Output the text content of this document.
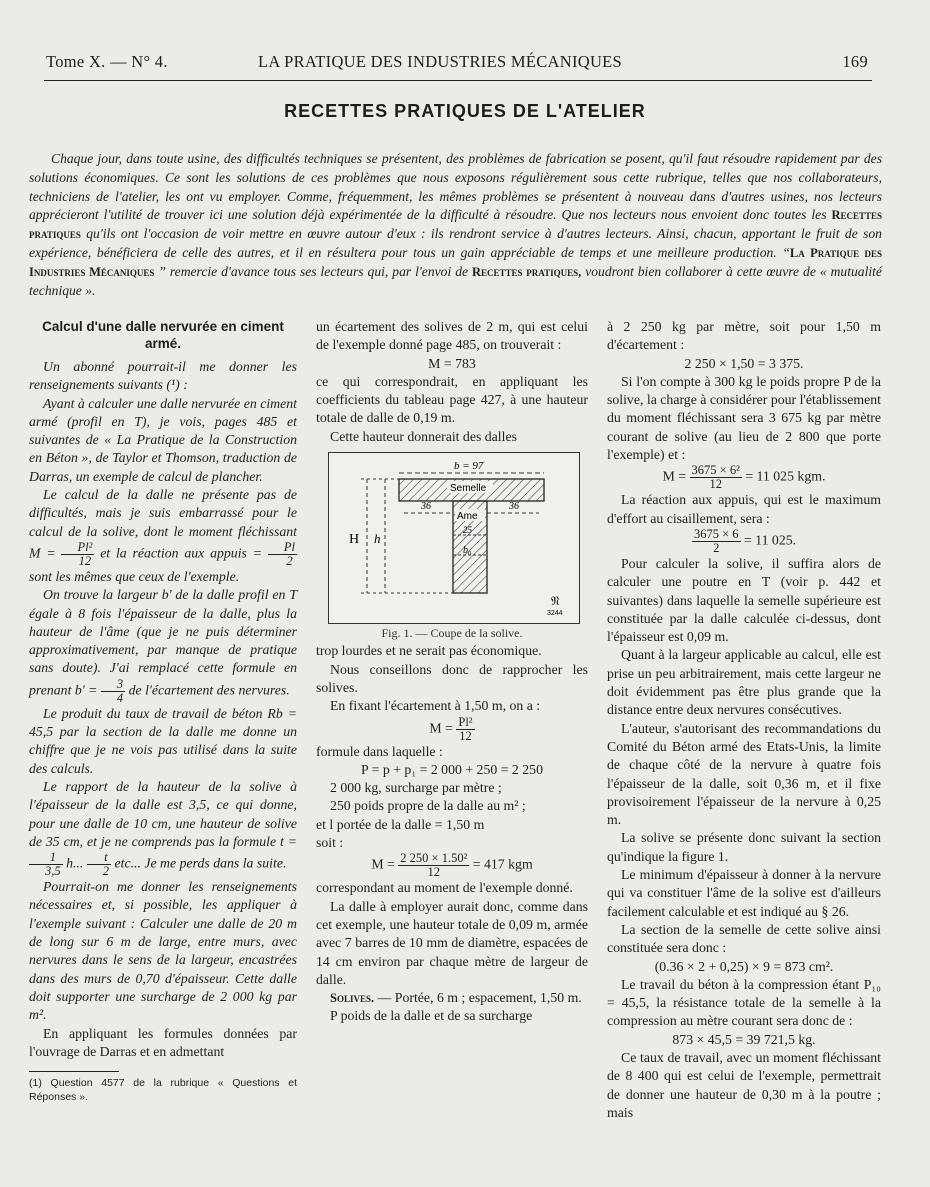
Tome X. — N° 4.	LA PRATIQUE DES INDUSTRIES MÉCANIQUES	169
RECETTES PRATIQUES DE L'ATELIER
Chaque jour, dans toute usine, des difficultés techniques se présentent, des problèmes de fabrication se posent, qu'il faut résoudre rapidement par des solutions économiques. Ce sont les solutions de ces problèmes que nous exposons régulièrement sous cette rubrique, telles que nos collaborateurs, techniciens de l'atelier, les ont vu employer. Comme, fréquemment, les mêmes problèmes se présentent à nouveau dans d'autres usines, nos lecteurs apprécieront l'utilité de trouver ici une solution déjà expérimentée de la difficulté à résoudre. Que nos lecteurs nous envoient donc toutes les Recettes pratiques qu'ils ont l'occasion de voir mettre en œuvre autour d'eux : ils rendront service à d'autres lecteurs. Ainsi, chacun, apportant le fruit de son expérience, bénéficiera de celle des autres, et il en résultera pour tous un gain appréciable de temps et une meilleure production. “La Pratique des Industries Mécaniques ” remercie d'avance tous ses lecteurs qui, par l'envoi de Recettes pratiques, voudront bien collaborer à cette œuvre de « mutualité technique ».
Calcul d'une dalle nervurée en ciment armé.

Un abonné pourrait-il me donner les renseignements suivants (¹) :

Ayant à calculer une dalle nervurée en ciment armé (profil en T), je vois, pages 485 et suivantes de « La Pratique de la Construction en Béton », de Taylor et Thomson, traduction de Darras, un exemple de calcul de plancher.

Le calcul de la dalle ne présente pas de difficultés, mais je suis embarrassé pour le calcul de la solive, dont le moment fléchissant $M = \frac{\text{Pl²}}{12}$ et la réaction aux appuis = $\frac{Pl}{2}$
sont les mêmes que ceux de l'exemple.

On trouve la largeur b' de la dalle profil en T égale à 8 fois l'épaisseur de la dalle, plus la hauteur de l'âme (que je ne puis déterminer approximativement, par manque de pratique sans doute). J'ai remplacé cette formule en prenant $b' = \frac{3}{4}$ de l'écartement des nervures.

Le produit du taux de travail de béton Rb = 45,5 par la section de la dalle me donne un chiffre que je ne vois pas utilisé dans la suite des calculs.

Le rapport de la hauteur de la solive à l'épaisseur de la dalle est 3,5, ce qui donne, pour une dalle de 10 cm, une hauteur de solive de 35 cm, et je ne comprends pas la formule t =
$\frac{1}{3,5} h$... $\frac{t}{2}$ etc... Je me perds dans la suite.

Pourrait-on me donner les renseignements nécessaires et, si possible, les appliquer à l'exemple suivant : Calculer une dalle de 20 m de long sur 6 m de large, entre murs, avec nervures dans le sens de la largeur, encastrées dans des murs de 0,70 d'épaisseur. Cette dalle doit supporter une surcharge de 2 000 kg par m².

En appliquant les formules données par l'ouvrage de Darras et en admettant

(1) Question 4577 de la rubrique « Questions et Réponses ».

un écartement des solives de 2 m, qui est celui de l'exemple donné page 485, on trouverait :

M = 783

ce qui correspondrait, en appliquant les coefficients du tableau page 427, à une hauteur totale de dalle de 0,19 m.

Cette hauteur donnerait des dalles

b = 97
Semelle
Ame
36	36
25
b₀
H h
𝔑
3244

Fig. 1. — Coupe de la solive.

trop lourdes et ne serait pas économique.

Nous conseillons donc de rapprocher les solives.

En fixant l'écartement à 1,50 m, on a :

$M = \frac{\text{Pl²}}{12}$

formule dans laquelle :

P = p + p₁ = 2 000 + 250 = 2 250

2 000 kg, surcharge par mètre ;

250 poids propre de la dalle au m² ;

et l portée de la dalle = 1,50 m

soit :

$M = \frac{\text{2 250 × 1.50²}}{12} = 417$ kgm

correspondant au moment de l'exemple donné.

La dalle à employer aurait donc, comme dans cet exemple, une hauteur totale de 0,09 m, armée avec 7 barres de 10 mm de diamètre, espacées de 14 cm environ par chaque mètre de largeur de dalle.

Solives. — Portée, 6 m ; espacement, 1,50 m.

P poids de la dalle et de sa surcharge

à 2 250 kg par mètre, soit pour 1,50 m d'écartement :

2 250 × 1,50 = 3 375.

Si l'on compte à 300 kg le poids propre P de la solive, la charge à considérer pour l'établissement du moment fléchissant sera 3 675 kg par mètre courant de solive (au lieu de 2 800 que porte l'exemple) et :

$M = \frac{\text{3675 × 6²}}{12} = 11$ 025 kgm.

La réaction aux appuis, qui est le maximum d'effort au cisaillement, sera :

$\frac{3675 \times 6}{2} = 11$ 025.

Pour calculer la solive, il suffira alors de calculer une poutre en T (voir p. 442 et suivantes) dans laquelle la semelle supérieure est constituée par la dalle calculée ci-dessus, dont l'épaisseur est 0,09 m.

Quant à la largeur applicable au calcul, elle est prise un peu arbitrairement, mais cette largeur ne doit évidemment pas être plus grande que la distance entre deux nervures consécutives.

L'auteur, s'autorisant des recommandations du Comité du Béton armé des Etats-Unis, la limite de chaque côté de la nervure à quatre fois l'épaisseur de la dalle, soit 0,36 m, et il fixe provisoirement l'épaisseur de la nervure à 0,25 m.

La solive se présente donc suivant la section qu'indique la figure 1.

Le minimum d'épaisseur à donner à la nervure qui va constituer l'âme de la solive est d'ailleurs facilement calculable et est indiqué au § 26.

La section de la semelle de cette solive ainsi constituée sera donc :

(0.36 × 2 + 0,25) × 9 = 873 cm².

Le travail du béton à la compression étant P₁₀ = 45,5, la résistance totale de la semelle à la compression au mètre courant sera donc de :

873 × 45,5 = 39 721,5 kg.

Ce taux de travail, avec un moment fléchissant de 8 400 qui est celui de l'exemple, permettrait de donner une hauteur de 0,30 m à la poutre ; mais
